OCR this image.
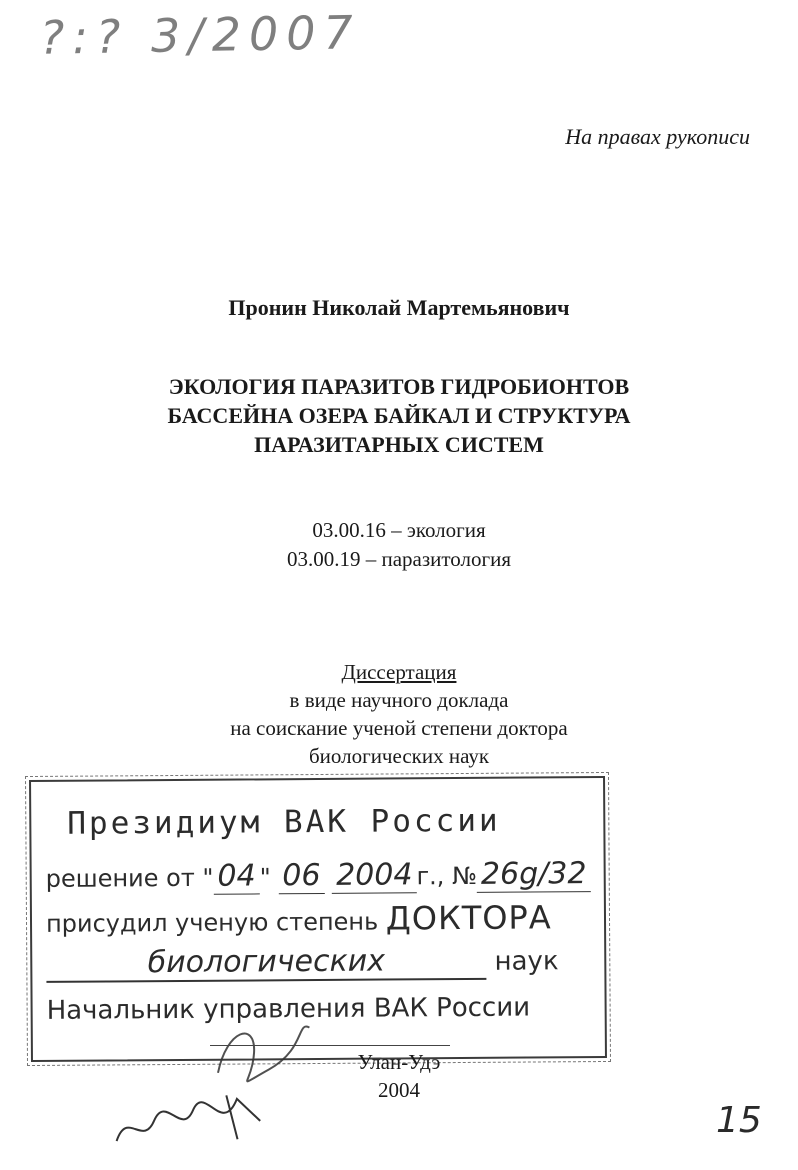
?:? 3/2007
На правах рукописи
Пронин Николай Мартемьянович
ЭКОЛОГИЯ ПАРАЗИТОВ ГИДРОБИОНТОВ
БАССЕЙНА ОЗЕРА БАЙКАЛ И СТРУКТУРА
ПАРАЗИТАРНЫХ СИСТЕМ
03.00.16 – экология
03.00.19 – паразитология
Диссертация
в виде научного доклада
на соискание ученой степени доктора
биологических наук
Президиум ВАК России
решение от " 04 " 06 2004 г., № 26g/32
присудил ученую степень ДОКТОРА
биологических	наук
Начальник управления ВАК России
Улан-Удэ
2004
15
